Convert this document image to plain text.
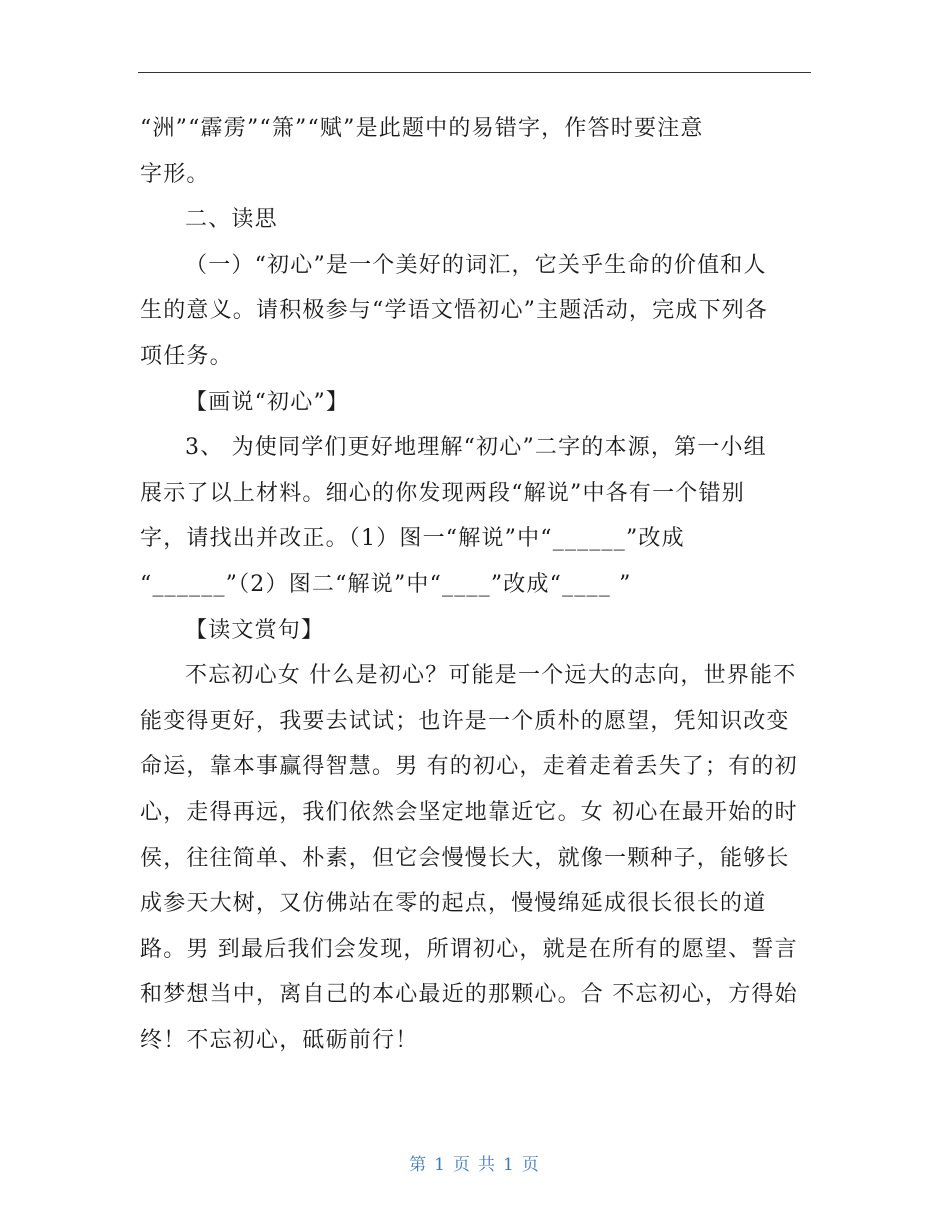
“洲”“霹雳”“箫”“赋”是此题中的易错字，作答时要注意
字形。
二、读思
（一）“初心”是一个美好的词汇，它关乎生命的价值和人
生的意义。请积极参与“学语文悟初心”主题活动，完成下列各
项任务。
【画说“初心”】
3、 为使同学们更好地理解“初心”二字的本源，第一小组
展示了以上材料。细心的你发现两段“解说”中各有一个错别
字，请找出并改正。（1）图一“解说”中“______”改成
“______”（2）图二“解说”中“____”改成“____ ”
【读文赏句】
不忘初心女 什么是初心？可能是一个远大的志向，世界能不
能变得更好，我要去试试；也许是一个质朴的愿望，凭知识改变
命运，靠本事赢得智慧。男 有的初心，走着走着丢失了；有的初
心，走得再远，我们依然会坚定地靠近它。女 初心在最开始的时
侯，往往简单、朴素，但它会慢慢长大，就像一颗种子，能够长
成参天大树，又仿佛站在零的起点，慢慢绵延成很长很长的道
路。男 到最后我们会发现，所谓初心，就是在所有的愿望、誓言
和梦想当中，离自己的本心最近的那颗心。合 不忘初心，方得始
终！不忘初心，砥砺前行！
第 1 页 共 1 页
